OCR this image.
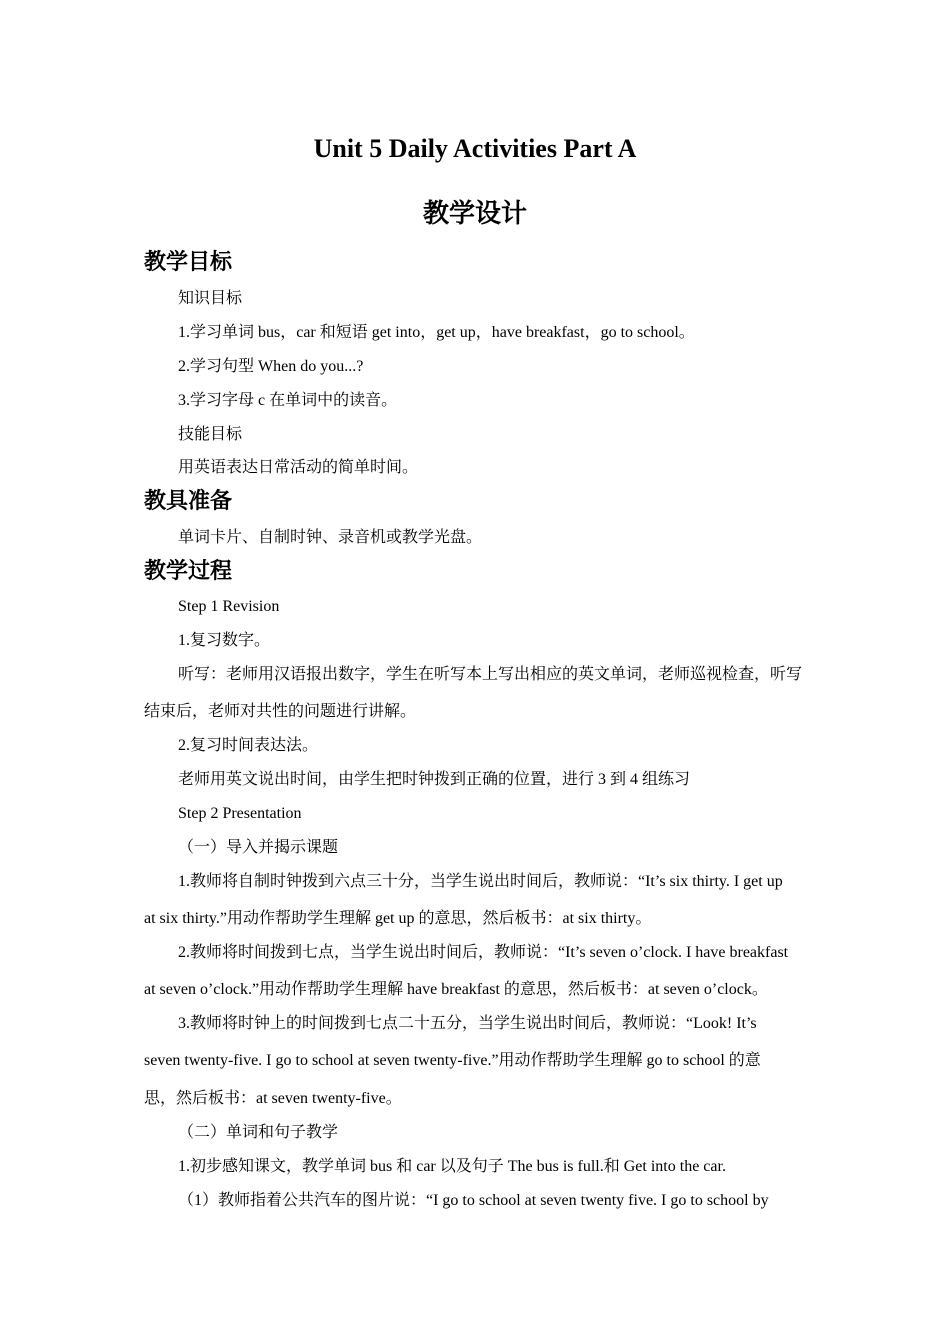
Unit 5 Daily Activities Part A
教学设计
教学目标

知识目标

1.学习单词 bus，car 和短语 get into，get up，have breakfast，go to school。

2.学习句型 When do you...?

3.学习字母 c 在单词中的读音。

技能目标

用英语表达日常活动的简单时间。

教具准备

单词卡片、自制时钟、录音机或教学光盘。

教学过程

Step 1 Revision

1.复习数字。

听写：老师用汉语报出数字，学生在听写本上写出相应的英文单词，老师巡视检查，听写

结束后，老师对共性的问题进行讲解。

2.复习时间表达法。

老师用英文说出时间，由学生把时钟拨到正确的位置，进行 3 到 4 组练习

Step 2 Presentation

（一）导入并揭示课题

1.教师将自制时钟拨到六点三十分，当学生说出时间后，教师说：“It’s six thirty. I get up

at six thirty.”用动作帮助学生理解 get up 的意思，然后板书：at six thirty。

2.教师将时间拨到七点，当学生说出时间后，教师说：“It’s seven o’clock. I have breakfast

at seven o’clock.”用动作帮助学生理解 have breakfast 的意思，然后板书：at seven o’clock。

3.教师将时钟上的时间拨到七点二十五分，当学生说出时间后，教师说：“Look! It’s

seven twenty-five. I go to school at seven twenty-five.”用动作帮助学生理解 go to school 的意

思，然后板书：at seven twenty-five。

（二）单词和句子教学

1.初步感知课文，教学单词 bus 和 car 以及句子 The bus is full.和 Get into the car.

（1）教师指着公共汽车的图片说：“I go to school at seven twenty five. I go to school by
